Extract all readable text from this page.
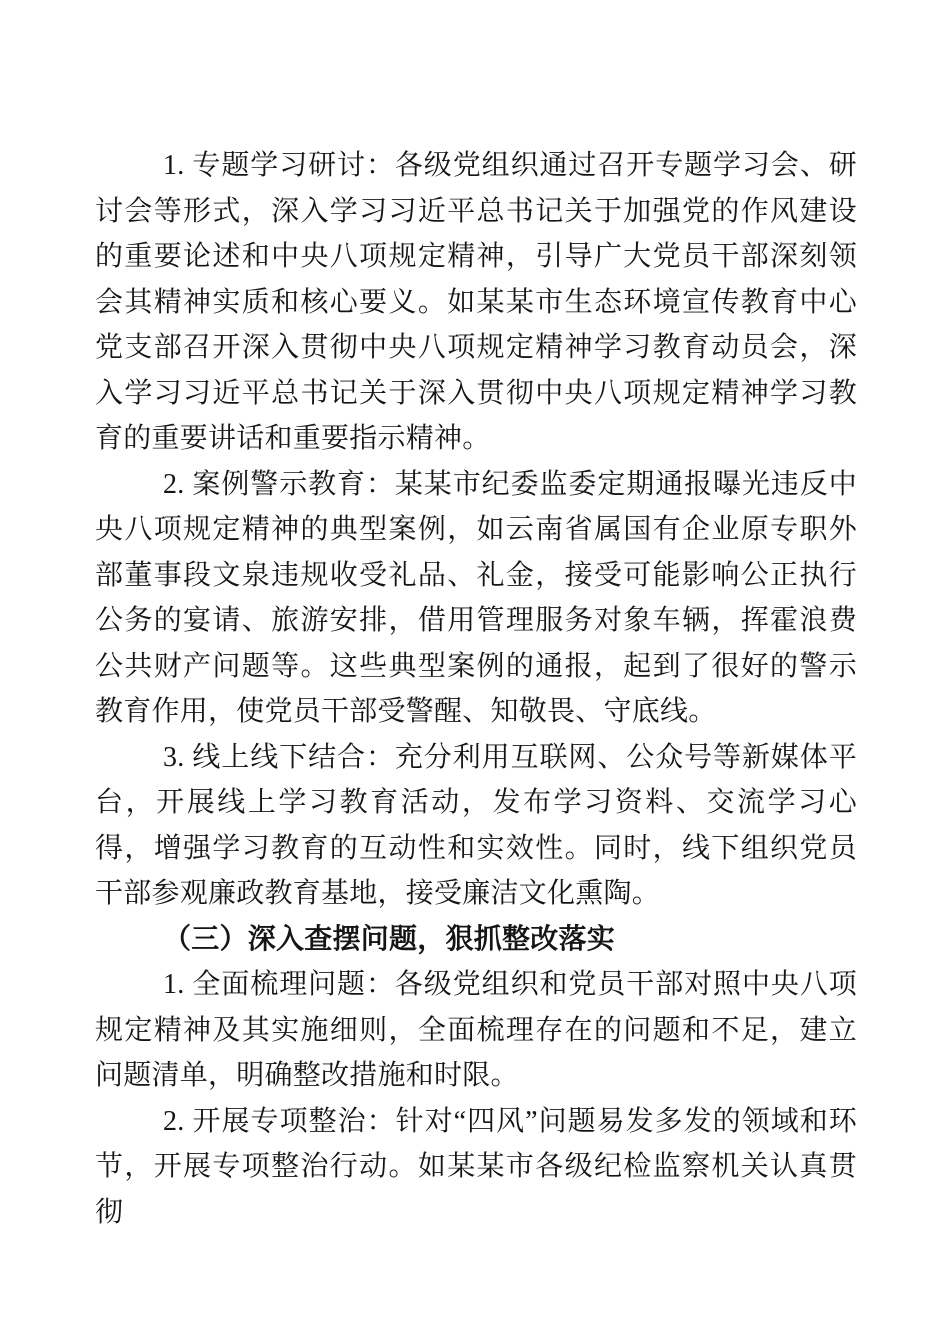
1. 专题学习研讨：各级党组织通过召开专题学习会、研讨会等形式，深入学习习近平总书记关于加强党的作风建设的重要论述和中央八项规定精神，引导广大党员干部深刻领会其精神实质和核心要义。如某某市生态环境宣传教育中心党支部召开深入贯彻中央八项规定精神学习教育动员会，深入学习习近平总书记关于深入贯彻中央八项规定精神学习教育的重要讲话和重要指示精神。

2. 案例警示教育：某某市纪委监委定期通报曝光违反中央八项规定精神的典型案例，如云南省属国有企业原专职外部董事段文泉违规收受礼品、礼金，接受可能影响公正执行公务的宴请、旅游安排，借用管理服务对象车辆，挥霍浪费公共财产问题等。这些典型案例的通报，起到了很好的警示教育作用，使党员干部受警醒、知敬畏、守底线。

3. 线上线下结合：充分利用互联网、公众号等新媒体平台，开展线上学习教育活动，发布学习资料、交流学习心得，增强学习教育的互动性和实效性。同时，线下组织党员干部参观廉政教育基地，接受廉洁文化熏陶。

（三）深入查摆问题，狠抓整改落实

1. 全面梳理问题：各级党组织和党员干部对照中央八项规定精神及其实施细则，全面梳理存在的问题和不足，建立问题清单，明确整改措施和时限。

2. 开展专项整治：针对“四风”问题易发多发的领域和环节，开展专项整治行动。如某某市各级纪检监察机关认真贯彻
